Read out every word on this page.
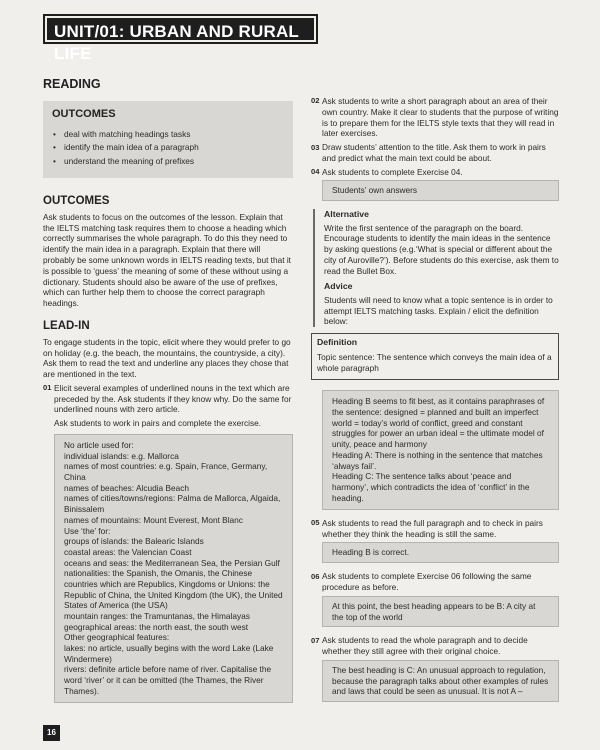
UNIT/01: URBAN AND RURAL LIFE
READING
OUTCOMES
• deal with matching headings tasks
• identify the main idea of a paragraph
• understand the meaning of prefixes
OUTCOMES

Ask students to focus on the outcomes of the lesson. Explain that the IELTS matching task requires them to choose a heading which correctly summarises the whole paragraph. To do this they need to identify the main idea in a paragraph. Explain that there will probably be some unknown words in IELTS reading texts, but that it is possible to ‘guess’ the meaning of some of these without using a dictionary. Students should also be aware of the use of prefixes, which can further help them to choose the correct paragraph headings.

LEAD-IN

To engage students in the topic, elicit where they would prefer to go on holiday (e.g. the beach, the mountains, the countryside, a city). Ask them to read the text and underline any places they chose that are mentioned in the text.

01 Elicit several examples of underlined nouns in the text which are preceded by the. Ask students if they know why. Do the same for underlined nouns with zero article.

Ask students to work in pairs and complete the exercise.

No article used for:
individual islands: e.g. Mallorca
names of most countries: e.g. Spain, France, Germany, China
names of beaches: Alcudia Beach
names of cities/towns/regions: Palma de Mallorca, Algaida, Binissalem
names of mountains: Mount Everest, Mont Blanc
Use ‘the’ for:
groups of islands: the Balearic Islands
coastal areas: the Valencian Coast
oceans and seas: the Mediterranean Sea, the Persian Gulf
nationalities: the Spanish, the Omanis, the Chinese
countries which are Republics, Kingdoms or Unions: the Republic of China, the United Kingdom (the UK), the United States of America (the USA)
mountain ranges: the Tramuntanas, the Himalayas
geographical areas: the north east, the south west
Other geographical features:
lakes: no article, usually begins with the word Lake (Lake Windermere)
rivers: definite article before name of river. Capitalise the word ‘river’ or it can be omitted (the Thames, the River Thames).
02 Ask students to write a short paragraph about an area of their own country. Make it clear to students that the purpose of writing is to prepare them for the IELTS style texts that they will read in later exercises.
03 Draw students’ attention to the title. Ask them to work in pairs and predict what the main text could be about.
04 Ask students to complete Exercise 04.
Students’ own answers
Alternative

Write the first sentence of the paragraph on the board. Encourage students to identify the main ideas in the sentence by asking questions (e.g.‘What is special or different about the city of Auroville?’). Before students do this exercise, ask them to read the Bullet Box.

Advice

Students will need to know what a topic sentence is in order to attempt IELTS matching tasks. Explain / elicit the definition below:

Definition
Topic sentence: The sentence which conveys the main idea of a whole paragraph
Heading B seems to fit best, as it contains paraphrases of the sentence: designed = planned and built an imperfect world = today’s world of conflict, greed and constant struggles for power an urban ideal = the ultimate model of unity, peace and harmony
Heading A: There is nothing in the sentence that matches ‘always fail’.
Heading C: The sentence talks about ‘peace and harmony’, which contradicts the idea of ‘conflict’ in the heading.
05 Ask students to read the full paragraph and to check in pairs whether they think the heading is still the same.
Heading B is correct.
06 Ask students to complete Exercise 06 following the same procedure as before.
At this point, the best heading appears to be B: A city at the top of the world
07 Ask students to read the whole paragraph and to decide whether they still agree with their original choice.
The best heading is C: An unusual approach to regulation, because the paragraph talks about other examples of rules and laws that could be seen as unusual. It is not A –
16
